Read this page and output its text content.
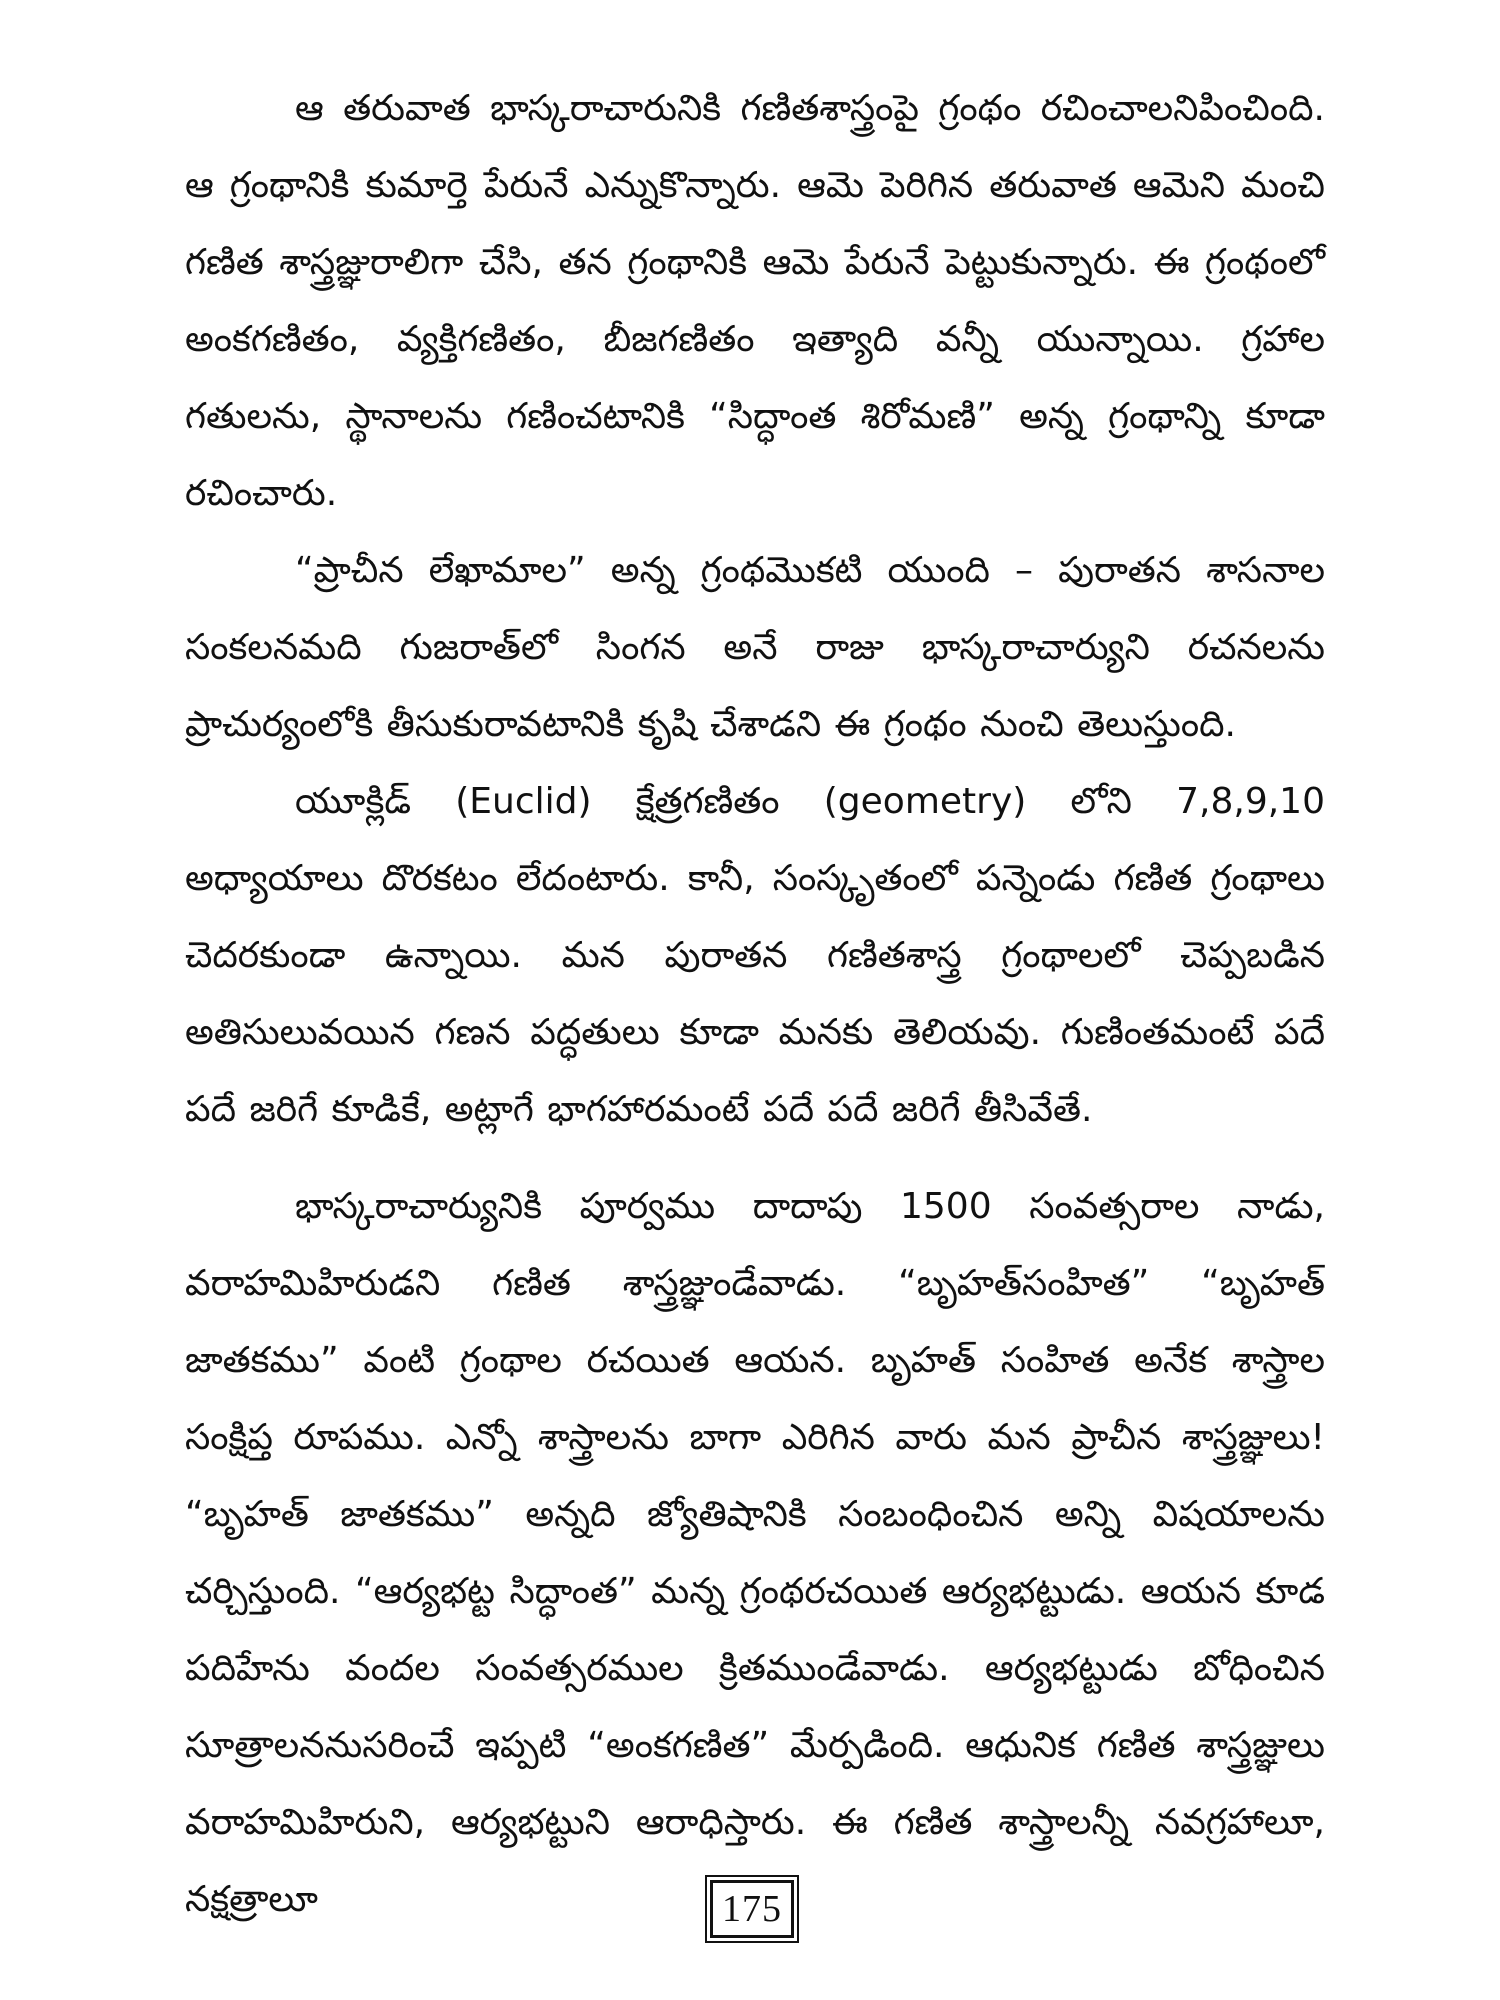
ఆ తరువాత భాస్కరాచారునికి గణితశాస్త్రంపై గ్రంథం రచించాలనిపించింది. ఆ గ్రంథానికి కుమార్తె పేరునే ఎన్నుకొన్నారు. ఆమె పెరిగిన తరువాత ఆమెని మంచి గణిత శాస్త్రజ్ఞురాలిగా చేసి, తన గ్రంథానికి ఆమె పేరునే పెట్టుకున్నారు. ఈ గ్రంథంలో అంకగణితం, వ్యక్తిగణితం, బీజగణితం ఇత్యాది వన్నీ యున్నాయి. గ్రహాల గతులను, స్థానాలను గణించటానికి “సిద్ధాంత శిరోమణి” అన్న గ్రంథాన్ని కూడా రచించారు.

“ప్రాచీన లేఖామాల” అన్న గ్రంథమొకటి యుంది – పురాతన శాసనాల సంకలనమది గుజరాత్‌లో సింగన అనే రాజు భాస్కరాచార్యుని రచనలను ప్రాచుర్యంలోకి తీసుకురావటానికి కృషి చేశాడని ఈ గ్రంథం నుంచి తెలుస్తుంది.

యూక్లిడ్ (Euclid) క్షేత్రగణితం (geometry) లోని 7,8,9,10 అధ్యాయాలు దొరకటం లేదంటారు. కానీ, సంస్కృతంలో పన్నెండు గణిత గ్రంథాలు చెదరకుండా ఉన్నాయి. మన పురాతన గణితశాస్త్ర గ్రంథాలలో చెప్పబడిన అతిసులువయిన గణన పద్ధతులు కూడా మనకు తెలియవు. గుణింతమంటే పదే పదే జరిగే కూడికే, అట్లాగే భాగహారమంటే పదే పదే జరిగే తీసివేతే.

భాస్కరాచార్యునికి పూర్వము దాదాపు 1500 సంవత్సరాల నాడు, వరాహమిహిరుడని గణిత శాస్త్రజ్ఞుండేవాడు. “బృహత్‌సంహిత” “బృహత్ జాతకము” వంటి గ్రంథాల రచయిత ఆయన. బృహత్ సంహిత అనేక శాస్త్రాల సంక్షిప్త రూపము. ఎన్నో శాస్త్రాలను బాగా ఎరిగిన వారు మన ప్రాచీన శాస్త్రజ్ఞులు! “బృహత్ జాతకము” అన్నది జ్యోతిషానికి సంబంధించిన అన్ని విషయాలను చర్చిస్తుంది. “ఆర్యభట్ట సిద్ధాంత” మన్న గ్రంథరచయిత ఆర్యభట్టుడు. ఆయన కూడ పదిహేను వందల సంవత్సరముల క్రితముండేవాడు. ఆర్యభట్టుడు బోధించిన సూత్రాలననుసరించే ఇప్పటి “అంకగణిత” మేర్పడింది. ఆధునిక గణిత శాస్త్రజ్ఞులు వరాహమిహిరుని, ఆర్యభట్టుని ఆరాధిస్తారు. ఈ గణిత శాస్త్రాలన్నీ నవగ్రహాలూ, నక్షత్రాలూ	175
